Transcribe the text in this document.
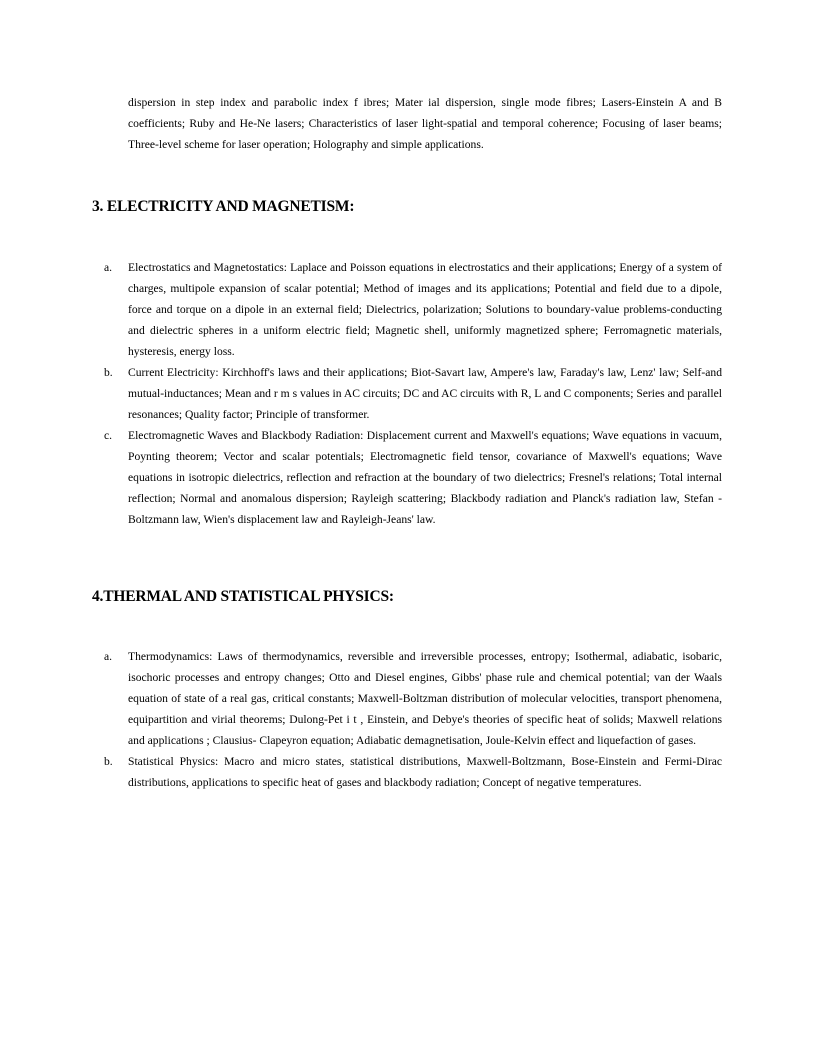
dispersion in step index and parabolic index f ibres; Mater ial dispersion, single mode fibres; Lasers-Einstein A and B coefficients; Ruby and He-Ne lasers; Characteristics of laser light-spatial and temporal coherence; Focusing of laser beams; Three-level scheme for laser operation; Holography and simple applications.

3. ELECTRICITY AND MAGNETISM:
a. Electrostatics and Magnetostatics: Laplace and Poisson equations in electrostatics and their applications; Energy of a system of charges, multipole expansion of scalar potential; Method of images and its applications; Potential and field due to a dipole, force and torque on a dipole in an external field; Dielectrics, polarization; Solutions to boundary-value problems-conducting and dielectric spheres in a uniform electric field; Magnetic shell, uniformly magnetized sphere; Ferromagnetic materials, hysteresis, energy loss.
b. Current Electricity: Kirchhoff's laws and their applications; Biot-Savart law, Ampere's law, Faraday's law, Lenz' law; Self-and mutual-inductances; Mean and r m s values in AC circuits; DC and AC circuits with R, L and C components; Series and parallel resonances; Quality factor; Principle of transformer.
c. Electromagnetic Waves and Blackbody Radiation: Displacement current and Maxwell's equations; Wave equations in vacuum, Poynting theorem; Vector and scalar potentials; Electromagnetic field tensor, covariance of Maxwell's equations; Wave equations in isotropic dielectrics, reflection and refraction at the boundary of two dielectrics; Fresnel's relations; Total internal reflection; Normal and anomalous dispersion; Rayleigh scattering; Blackbody radiation and Planck's radiation law, Stefan - Boltzmann law, Wien's displacement law and Rayleigh-Jeans' law.
4.THERMAL AND STATISTICAL PHYSICS:
a. Thermodynamics: Laws of thermodynamics, reversible and irreversible processes, entropy; Isothermal, adiabatic, isobaric, isochoric processes and entropy changes; Otto and Diesel engines, Gibbs' phase rule and chemical potential; van der Waals equation of state of a real gas, critical constants; Maxwell-Boltzman distribution of molecular velocities, transport phenomena, equipartition and virial theorems; Dulong-Pet i t , Einstein, and Debye's theories of specific heat of solids; Maxwell relations and applications ; Clausius- Clapeyron equation; Adiabatic demagnetisation, Joule-Kelvin effect and liquefaction of gases.
b. Statistical Physics: Macro and micro states, statistical distributions, Maxwell-Boltzmann, Bose-Einstein and Fermi-Dirac distributions, applications to specific heat of gases and blackbody radiation; Concept of negative temperatures.
